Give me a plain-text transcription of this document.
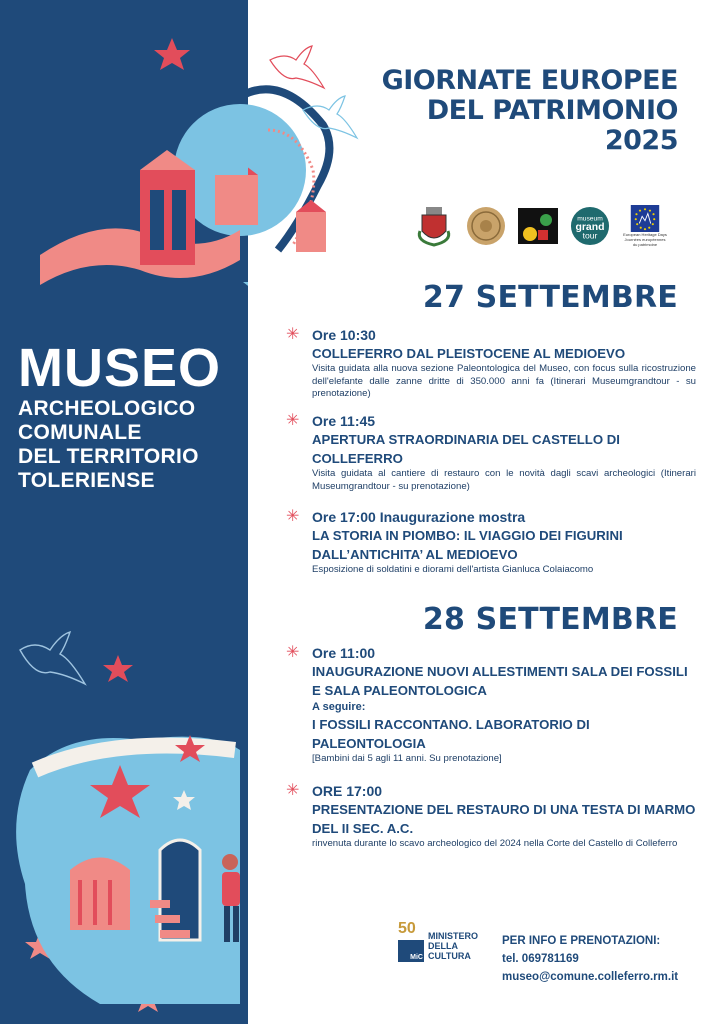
MUSEO
ARCHEOLOGICO
COMUNALE
DEL TERRITORIO
TOLERIENSE
GIORNATE EUROPEE
DEL PATRIMONIO
2025
museum
grand
tour	European Heritage Days
Journées européennes
du patrimoine
27 SETTEMBRE
✳ Ore 10:30
COLLEFERRO DAL PLEISTOCENE AL MEDIOEVO
Visita guidata alla nuova sezione Paleontologica del Museo, con focus sulla ricostruzione dell'elefante dalle zanne dritte di 350.000 anni fa (Itinerari Museumgrandtour - su prenotazione)
✳ Ore 11:45
APERTURA STRAORDINARIA DEL CASTELLO DI COLLEFERRO
Visita guidata al cantiere di restauro con le novità dagli scavi archeologici (Itinerari Museumgrandtour - su prenotazione)
✳ Ore 17:00 Inaugurazione mostra
LA STORIA IN PIOMBO: IL VIAGGIO DEI FIGURINI DALL’ANTICHITA’ AL MEDIOEVO
Esposizione di soldatini e diorami dell'artista Gianluca Colaiacomo
28 SETTEMBRE
✳ Ore 11:00
INAUGURAZIONE NUOVI ALLESTIMENTI SALA DEI FOSSILI E SALA PALEONTOLOGICA
A seguire:
I FOSSILI RACCONTANO. LABORATORIO DI PALEONTOLOGIA
[Bambini dai 5 agli 11 anni. Su prenotazione]
✳ ORE 17:00
PRESENTAZIONE DEL RESTAURO DI UNA TESTA DI MARMO DEL II SEC. A.C.
rinvenuta durante lo scavo archeologico del 2024 nella Corte del Castello di Colleferro
50
MiC
MINISTERO
DELLA
CULTURA
PER INFO E PRENOTAZIONI:
tel. 069781169
museo@comune.colleferro.rm.it
